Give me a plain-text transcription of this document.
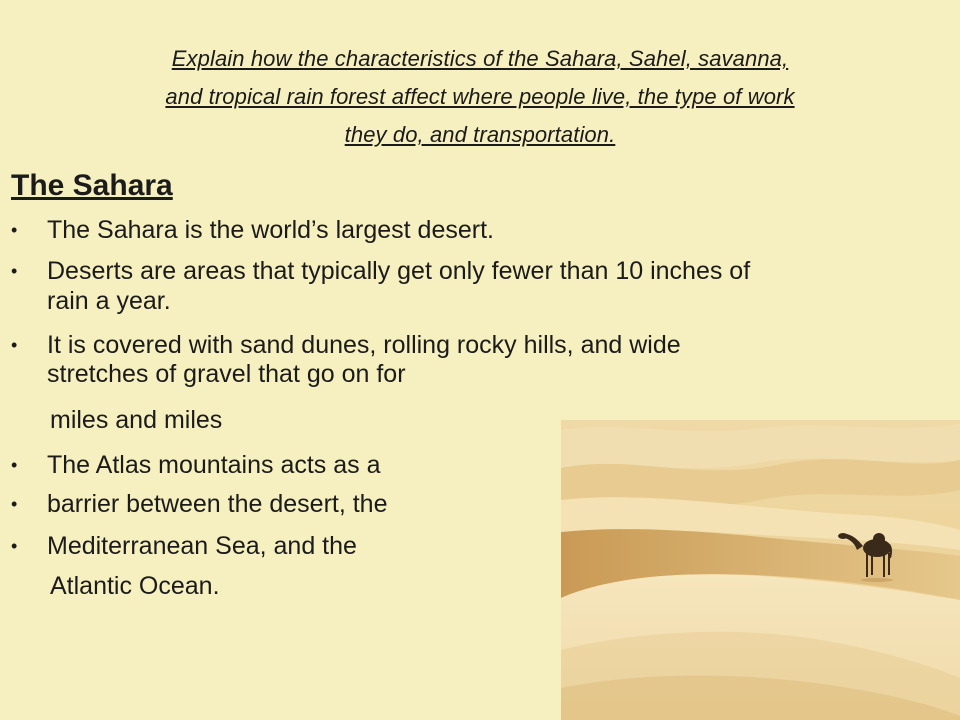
Explain how the characteristics of the Sahara, Sahel, savanna,
and tropical rain forest affect where people live, the type of work
they do, and transportation.
The Sahara
• The Sahara is the world’s largest desert.
• Deserts are areas that typically get only fewer than 10 inches of
rain a year.
• It is covered with sand dunes, rolling rocky hills, and wide
stretches of gravel that go on for
miles and miles
• The Atlas mountains acts as a
• barrier between the desert, the
• Mediterranean Sea, and the
Atlantic Ocean.
